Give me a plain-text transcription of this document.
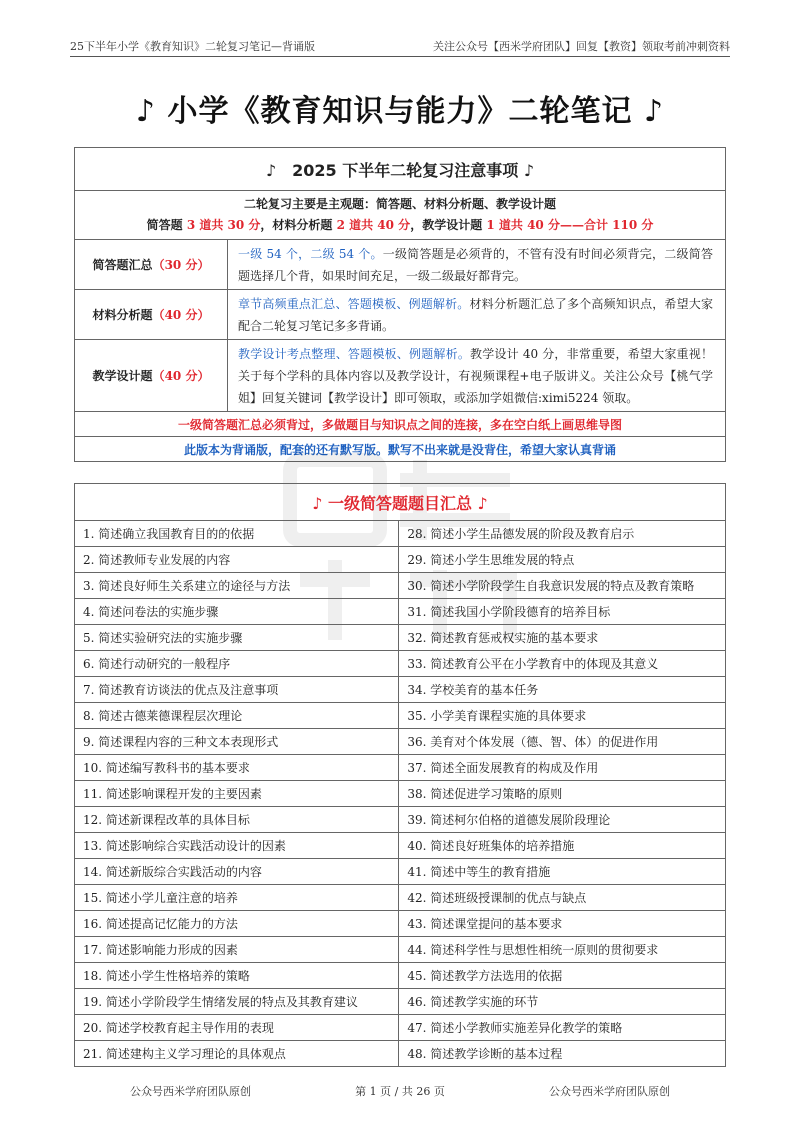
25下半年小学《教育知识》二轮复习笔记—背诵版	关注公众号【西米学府团队】回复【教资】领取考前冲刺资料
♪ 小学《教育知识与能力》二轮笔记 ♪
♪　2025 下半年二轮复习注意事项 ♪	

二轮复习主要是主观题：简答题、材料分析题、教学设计题
简答题 3 道共 30 分，材料分析题 2 道共 40 分，教学设计题 1 道共 40 分——合计 110 分	

简答题汇总（30 分）	一级 54 个，二级 54 个。一级简答题是必须背的，不管有没有时间必须背完，二级简答题选择几个背，如果时间充足，一级二级最好都背完。
材料分析题（40 分）	章节高频重点汇总、答题模板、例题解析。材料分析题汇总了多个高频知识点，希望大家配合二轮复习笔记多多背诵。
教学设计题（40 分）	教学设计考点整理、答题模板、例题解析。教学设计 40 分，非常重要，希望大家重视！关于每个学科的具体内容以及教学设计，有视频课程+电子版讲义。关注公众号【桃气学姐】回复关键词【教学设计】即可领取，或添加学姐微信:ximi5224 领取。
一级简答题汇总必须背过，多做题目与知识点之间的连接，多在空白纸上画思维导图	
此版本为背诵版，配套的还有默写版。默写不出来就是没背住，希望大家认真背诵	
♪ 一级简答题题目汇总 ♪	
1. 简述确立我国教育目的的依据	28. 简述小学生品德发展的阶段及教育启示
2. 简述教师专业发展的内容	29. 简述小学生思维发展的特点
3. 简述良好师生关系建立的途径与方法	30. 简述小学阶段学生自我意识发展的特点及教育策略
4. 简述问卷法的实施步骤	31. 简述我国小学阶段德育的培养目标
5. 简述实验研究法的实施步骤	32. 简述教育惩戒权实施的基本要求
6. 简述行动研究的一般程序	33. 简述教育公平在小学教育中的体现及其意义
7. 简述教育访谈法的优点及注意事项	34. 学校美育的基本任务
8. 简述古德莱德课程层次理论	35. 小学美育课程实施的具体要求
9. 简述课程内容的三种文本表现形式	36. 美育对个体发展（德、智、体）的促进作用
10. 简述编写教科书的基本要求	37. 简述全面发展教育的构成及作用
11. 简述影响课程开发的主要因素	38. 简述促进学习策略的原则
12. 简述新课程改革的具体目标	39. 简述柯尔伯格的道德发展阶段理论
13. 简述影响综合实践活动设计的因素	40. 简述良好班集体的培养措施
14. 简述新版综合实践活动的内容	41. 简述中等生的教育措施
15. 简述小学儿童注意的培养	42. 简述班级授课制的优点与缺点
16. 简述提高记忆能力的方法	43. 简述课堂提问的基本要求
17. 简述影响能力形成的因素	44. 简述科学性与思想性相统一原则的贯彻要求
18. 简述小学生性格培养的策略	45. 简述教学方法选用的依据
19. 简述小学阶段学生情绪发展的特点及其教育建议	46. 简述教学实施的环节
20. 简述学校教育起主导作用的表现	47. 简述小学教师实施差异化教学的策略
21. 简述建构主义学习理论的具体观点	48. 简述教学诊断的基本过程
公众号西米学府团队原创	第 1 页 / 共 26 页	公众号西米学府团队原创
